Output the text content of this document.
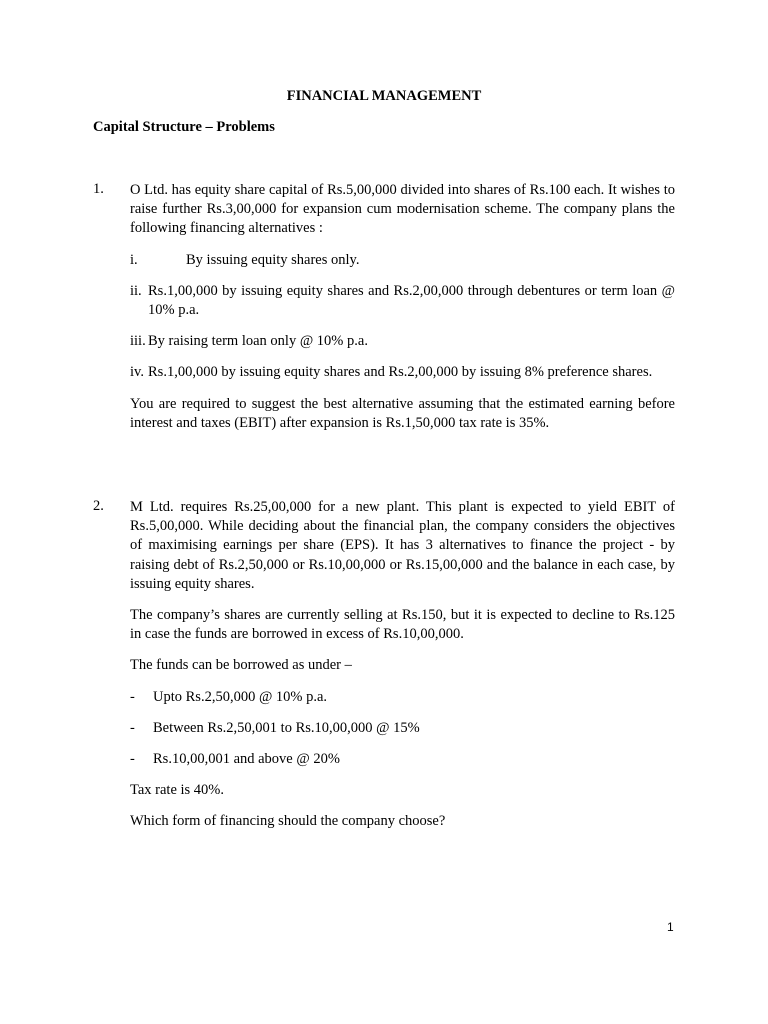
FINANCIAL MANAGEMENT
Capital Structure – Problems
1. O Ltd. has equity share capital of Rs.5,00,000 divided into shares of Rs.100 each. It wishes to raise further Rs.3,00,000 for expansion cum modernisation scheme. The company plans the following financing alternatives :
i.	By issuing equity shares only.
ii. Rs.1,00,000 by issuing equity shares and Rs.2,00,000 through debentures or term loan @ 10% p.a.
iii. By raising term loan only @ 10% p.a.
iv. Rs.1,00,000 by issuing equity shares and Rs.2,00,000 by issuing 8% preference shares.
You are required to suggest the best alternative assuming that the estimated earning before interest and taxes (EBIT) after expansion is Rs.1,50,000 tax rate is 35%.
2. M Ltd. requires Rs.25,00,000 for a new plant. This plant is expected to yield EBIT of Rs.5,00,000. While deciding about the financial plan, the company considers the objectives of maximising earnings per share (EPS). It has 3 alternatives to finance the project - by raising debt of Rs.2,50,000 or Rs.10,00,000 or Rs.15,00,000 and the balance in each case, by issuing equity shares.
The company’s shares are currently selling at Rs.150, but it is expected to decline to Rs.125 in case the funds are borrowed in excess of Rs.10,00,000.
The funds can be borrowed as under –
- Upto Rs.2,50,000 @ 10% p.a.
- Between Rs.2,50,001 to Rs.10,00,000 @ 15%
- Rs.10,00,001 and above @ 20%
Tax rate is 40%.
Which form of financing should the company choose?
1
